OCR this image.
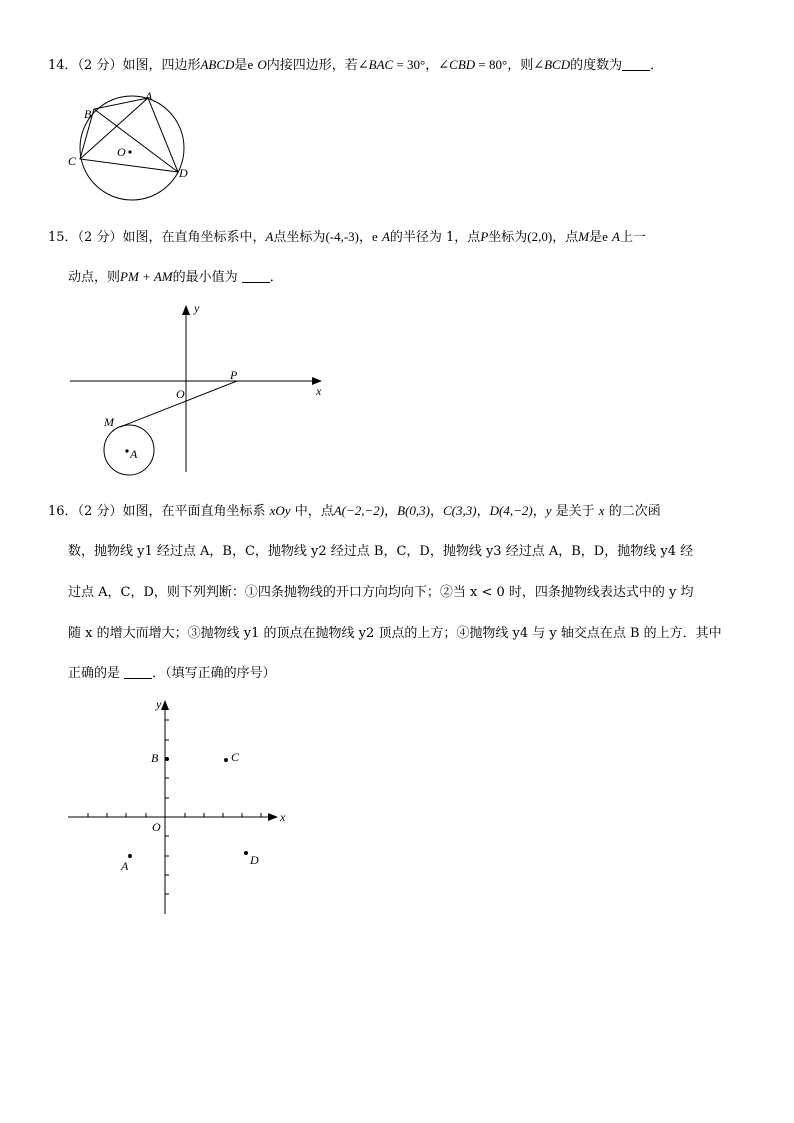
14．（2 分）如图，四边形ABCD是e O内接四边形，若∠BAC = 30°，∠CBD = 80°，则∠BCD的度数为 ．
A
B
C
D
O
15．（2 分）如图，在直角坐标系中，A点坐标为(-4,-3)，e A的半径为 1，点P坐标为(2,0)，点M是e A上一
动点，则PM + AM的最小值为 ．
y
x
O
P
M
A
16．（2 分）如图，在平面直角坐标系 xOy 中，点A(−2,−2)，B(0,3)，C(3,3)，D(4,−2)，y 是关于 x 的二次函
数，抛物线 y1 经过点 A，B，C，抛物线 y2 经过点 B，C，D，抛物线 y3 经过点 A，B，D，抛物线 y4 经
过点 A，C，D，则下列判断：①四条抛物线的开口方向均向下；②当 x < 0 时，四条抛物线表达式中的 y 均
随 x 的增大而增大；③抛物线 y1 的顶点在抛物线 y2 顶点的上方；④抛物线 y4 与 y 轴交点在点 B 的上方．其中
正确的是 ．（填写正确的序号）
y
x
O
A
B	C
D
